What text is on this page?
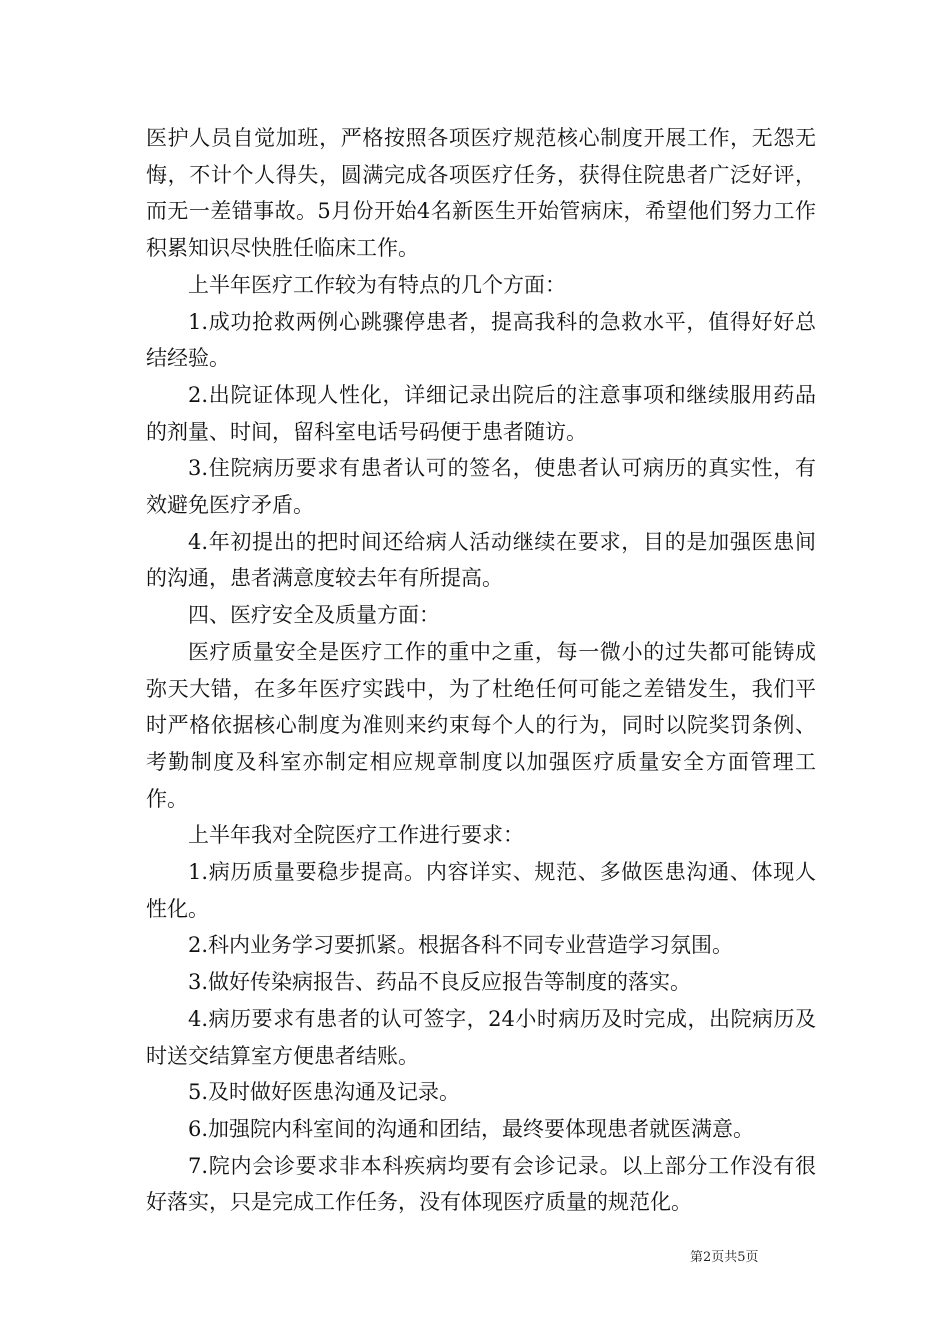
医护人员自觉加班，严格按照各项医疗规范核心制度开展工作，无怨无悔，不计个人得失，圆满完成各项医疗任务，获得住院患者广泛好评，而无一差错事故。5月份开始4名新医生开始管病床，希望他们努力工作积累知识尽快胜任临床工作。

上半年医疗工作较为有特点的几个方面：

1.成功抢救两例心跳骤停患者，提高我科的急救水平，值得好好总结经验。

2.出院证体现人性化，详细记录出院后的注意事项和继续服用药品的剂量、时间，留科室电话号码便于患者随访。

3.住院病历要求有患者认可的签名，使患者认可病历的真实性，有效避免医疗矛盾。

4.年初提出的把时间还给病人活动继续在要求，目的是加强医患间的沟通，患者满意度较去年有所提高。

四、医疗安全及质量方面：

医疗质量安全是医疗工作的重中之重，每一微小的过失都可能铸成弥天大错，在多年医疗实践中，为了杜绝任何可能之差错发生，我们平时严格依据核心制度为准则来约束每个人的行为，同时以院奖罚条例、考勤制度及科室亦制定相应规章制度以加强医疗质量安全方面管理工作。

上半年我对全院医疗工作进行要求：

1.病历质量要稳步提高。内容详实、规范、多做医患沟通、体现人性化。

2.科内业务学习要抓紧。根据各科不同专业营造学习氛围。

3.做好传染病报告、药品不良反应报告等制度的落实。

4.病历要求有患者的认可签字，24小时病历及时完成，出院病历及时送交结算室方便患者结账。

5.及时做好医患沟通及记录。

6.加强院内科室间的沟通和团结，最终要体现患者就医满意。

7.院内会诊要求非本科疾病均要有会诊记录。以上部分工作没有很好落实，只是完成工作任务，没有体现医疗质量的规范化。

第2页共5页
